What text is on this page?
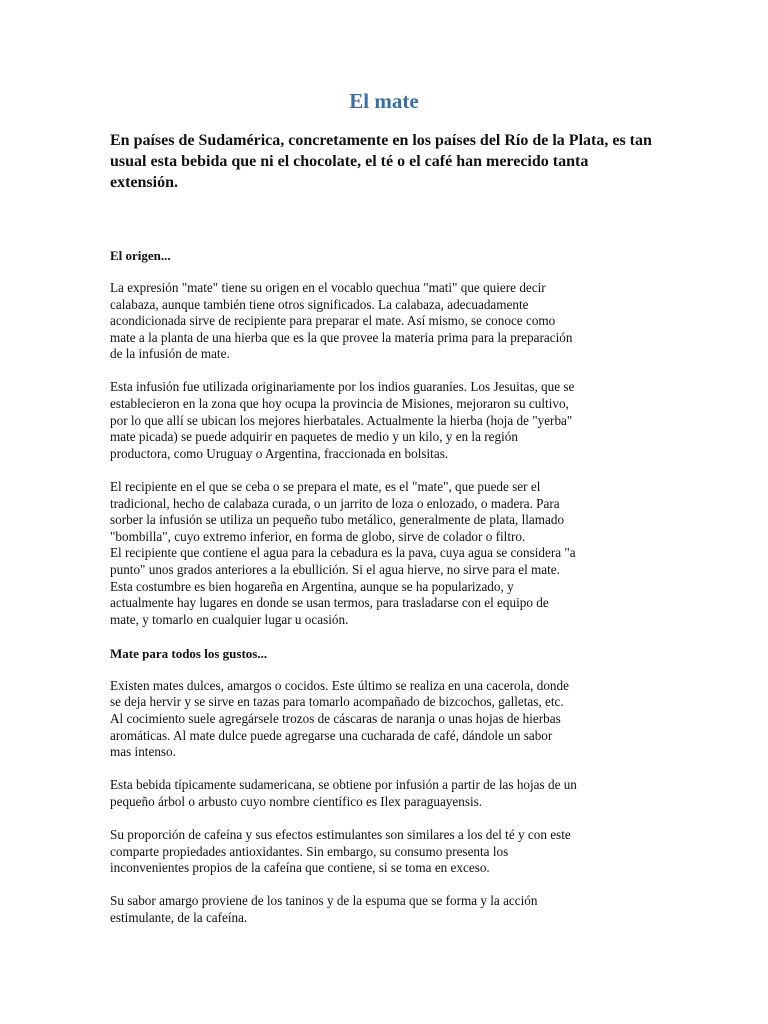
El mate

En países de Sudamérica, concretamente en los países del Río de la Plata, es tan usual esta bebida que ni el chocolate, el té o el café han merecido tanta extensión.

El origen...
La expresión "mate" tiene su origen en el vocablo quechua "mati" que quiere decir
calabaza, aunque también tiene otros significados. La calabaza, adecuadamente
acondicionada sirve de recipiente para preparar el mate. Así mismo, se conoce como
mate a la planta de una hierba que es la que provee la materia prima para la preparación
de la infusión de mate.
Esta infusión fue utilizada originariamente por los indios guaraníes. Los Jesuitas, que se
establecieron en la zona que hoy ocupa la provincia de Misiones, mejoraron su cultivo,
por lo que allí se ubican los mejores hierbatales. Actualmente la hierba (hoja de "yerba"
mate picada) se puede adquirir en paquetes de medio y un kilo, y en la región
productora, como Uruguay o Argentina, fraccionada en bolsitas.
El recipiente en el que se ceba o se prepara el mate, es el "mate", que puede ser el
tradicional, hecho de calabaza curada, o un jarrito de loza o enlozado, o madera. Para
sorber la infusión se utiliza un pequeño tubo metálico, generalmente de plata, llamado
"bombilla", cuyo extremo inferior, en forma de globo, sirve de colador o filtro.
El recipiente que contiene el agua para la cebadura es la pava, cuya agua se considera "a
punto" unos grados anteriores a la ebullición. Si el agua hierve, no sirve para el mate.
Esta costumbre es bien hogareña en Argentina, aunque se ha popularizado, y
actualmente hay lugares en donde se usan termos, para trasladarse con el equipo de
mate, y tomarlo en cualquier lugar u ocasión.
Mate para todos los gustos...
Existen mates dulces, amargos o cocidos. Este último se realiza en una cacerola, donde
se deja hervir y se sirve en tazas para tomarlo acompañado de bizcochos, galletas, etc.
Al cocimiento suele agregársele trozos de cáscaras de naranja o unas hojas de hierbas
aromáticas. Al mate dulce puede agregarse una cucharada de café, dándole un sabor
mas intenso.
Esta bebida típicamente sudamericana, se obtiene por infusión a partir de las hojas de un
pequeño árbol o arbusto cuyo nombre científico es Ilex paraguayensis.
Su proporción de cafeína y sus efectos estimulantes son similares a los del té y con este
comparte propiedades antioxidantes. Sin embargo, su consumo presenta los
inconvenientes propios de la cafeína que contiene, si se toma en exceso.
Su sabor amargo proviene de los taninos y de la espuma que se forma y la acción
estimulante, de la cafeína.
